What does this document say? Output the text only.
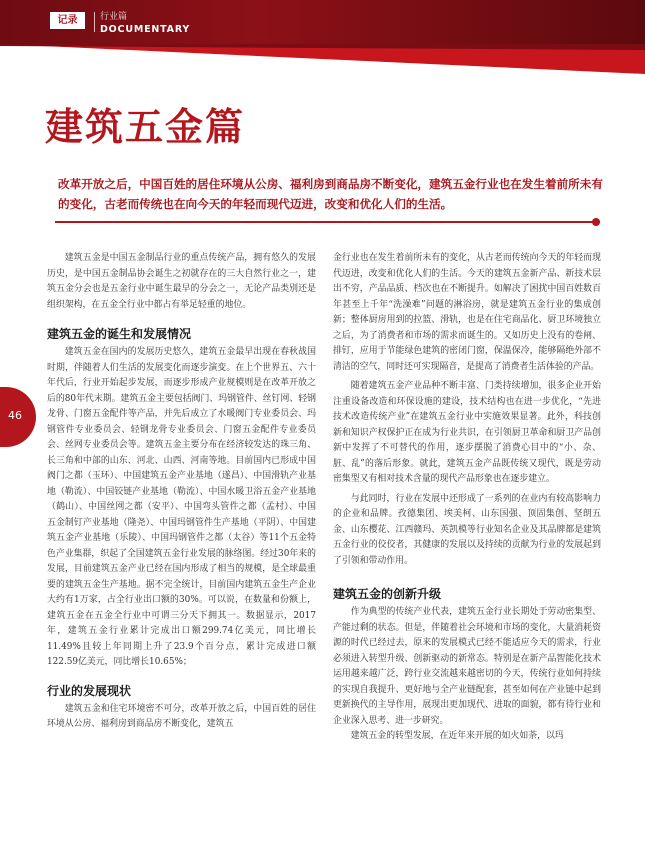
记录	行业篇
DOCUMENTARY
建筑五金篇
改革开放之后，中国百姓的居住环境从公房、福利房到商品房不断变化，建筑五金行业也在发生着前所未有的变化，古老而传统也在向今天的年轻而现代迈进，改变和优化人们的生活。
46

建筑五金是中国五金制品行业的重点传统产品，拥有悠久的发展历史，是中国五金制品协会诞生之初就存在的三大自然行业之一，建筑五金分会也是五金行业中诞生最早的分会之一，无论产品类别还是组织架构，在五金全行业中都占有举足轻重的地位。

建筑五金的诞生和发展情况

建筑五金在国内的发展历史悠久，建筑五金最早出现在春秋战国时期，伴随着人们生活的发展变化而逐步演变。在上个世界五、六十年代后，行业开始起步发展，而逐步形成产业规模则是在改革开放之后的80年代末期。建筑五金主要包括阀门、玛钢管件、丝钉网、轻钢龙骨、门窗五金配件等产品，并先后成立了水暖阀门专业委员会、玛钢管件专业委员会、轻钢龙骨专业委员会、门窗五金配件专业委员会、丝网专业委员会等。建筑五金主要分布在经济较发达的珠三角、长三角和中部的山东、河北、山西、河南等地。目前国内已形成中国阀门之都（玉环）、中国建筑五金产业基地（遂昌）、中国滑轨产业基地（勒流）、中国铰链产业基地（勒流）、中国水暖卫浴五金产业基地（鹤山）、中国丝网之都（安平）、中国弯头管件之都（孟村）、中国五金制钉产业基地（隆尧）、中国玛钢管件生产基地（平阴）、中国建筑五金产业基地（乐陵）、中国玛钢管件之都（太谷）等11个五金特色产业集群，织起了全国建筑五金行业发展的脉络图。经过30年来的发展，目前建筑五金产业已经在国内形成了相当的规模，是全球最重要的建筑五金生产基地。据不完全统计，目前国内建筑五金生产企业大约有1万家，占全行业出口额的30%。可以说，在数量和份额上，建筑五金在五金全行业中可谓三分天下拥其一。数据显示，2017年，建筑五金行业累计完成出口额299.74亿美元，同比增长11.49%且较上年同期上升了23.9个百分点，累计完成进口额122.59亿美元，同比增长10.65%；

行业的发展现状

建筑五金和住宅环境密不可分，改革开放之后，中国百姓的居住环境从公房、福利房到商品房不断变化，建筑五

金行业也在发生着前所未有的变化，从古老而传统向今天的年轻而现代迈进，改变和优化人们的生活。今天的建筑五金新产品、新技术层出不穷，产品品质、档次也在不断提升。如解决了困扰中国百姓数百年甚至上千年“洗澡难”问题的淋浴房，就是建筑五金行业的集成创新；整体厨房用到的拉篮、滑轨，也是在住宅商品化、厨卫环境独立之后，为了消费者和市场的需求而诞生的。又如历史上没有的卷闸、排钉，应用于节能绿色建筑的密闭门窗，保温保冷，能够隔绝外部不清洁的空气，同时还可实现隔音，是提高了消费者生活体验的产品。

随着建筑五金产业品种不断丰富、门类持续增加，很多企业开始注重设备改造和环保设施的建设，技术结构也在进一步优化，“先进技术改造传统产业”在建筑五金行业中实施效果显著。此外，科技创新和知识产权保护正在成为行业共识，在引领厨卫革命和厨卫产品创新中发挥了不可替代的作用，逐步摆脱了消费心目中的“小、杂、脏、乱”的落后形象。就此，建筑五金产品既传统又现代，既是劳动密集型又有相对技术含量的现代产品形象也在逐步建立。

与此同时，行业在发展中还形成了一系列的在业内有较高影响力的企业和品牌。孜德集团、埃美柯、山东国强、顶固集创、坚朗五金、山东樱花、江西赣玛、英凯模等行业知名企业及其品牌都是建筑五金行业的佼佼者，其健康的发展以及持续的贡献为行业的发展起到了引领和带动作用。

建筑五金的创新升级

作为典型的传统产业代表，建筑五金行业长期处于劳动密集型、产能过剩的状态。但是，伴随着社会环境和市场的变化，大量消耗资源的时代已经过去，原来的发展模式已经不能适应今天的需求，行业必须进入转型升级、创新驱动的新常态。特别是在新产品智能化技术运用越来越广泛，跨行业交流越来越密切的今天，传统行业如何持续的实现自我提升、更好地与全产业链配套，甚至如何在产业链中起到更新换代的主导作用，展现出更加现代、进取的面貌，都有待行业和企业深入思考、进一步研究。

建筑五金的转型发展，在近年来开展的如火如荼，以玛
